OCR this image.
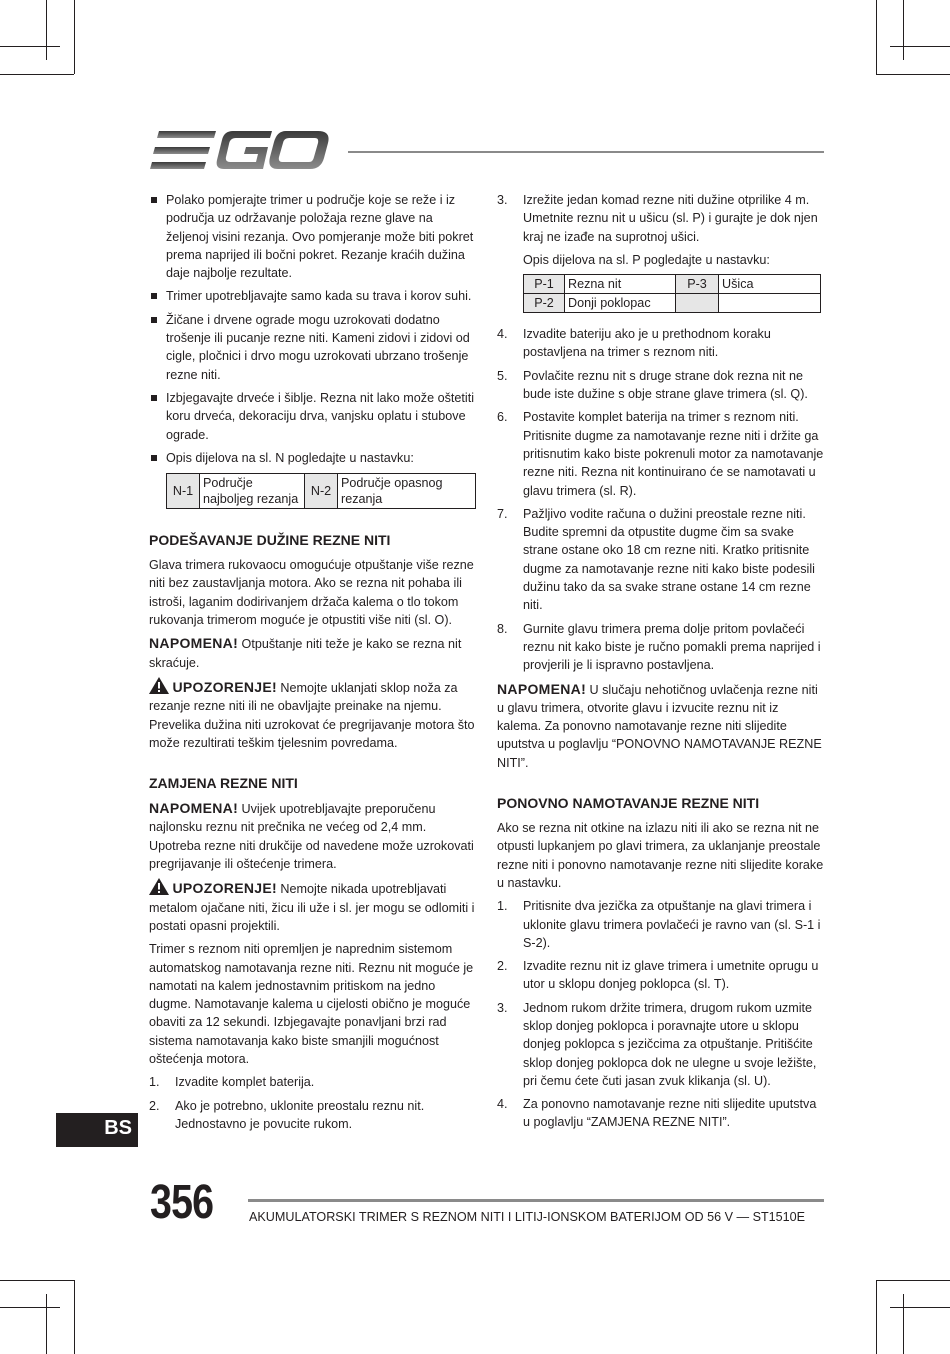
Polako pomjerajte trimer u područje koje se reže i iz područja uz održavanje položaja rezne glave na željenoj visini rezanja. Ovo pomjeranje može biti pokret prema naprijed ili bočni pokret. Rezanje kraćih dužina daje najbolje rezultate.
Trimer upotrebljavajte samo kada su trava i korov suhi.
Žičane i drvene ograde mogu uzrokovati dodatno trošenje ili pucanje rezne niti. Kameni zidovi i zidovi od cigle, pločnici i drvo mogu uzrokovati ubrzano trošenje rezne niti.
Izbjegavajte drveće i šiblje. Rezna nit lako može oštetiti koru drveća, dekoraciju drva, vanjsku oplatu i stubove ograde.
Opis dijelova na sl. N pogledajte u nastavku:
N-1	Područje najboljeg rezanja	N-2	Područje opasnog rezanja
PODEŠAVANJE DUŽINE REZNE NITI

Glava trimera rukovaocu omogućuje otpuštanje više rezne niti bez zaustavljanja motora. Ako se rezna nit pohaba ili istroši, laganim dodirivanjem držača kalema o tlo tokom rukovanja trimerom moguće je otpustiti više niti (sl. O).

NAPOMENA! Otpuštanje niti teže je kako se rezna nit skraćuje.

UPOZORENJE! Nemojte uklanjati sklop noža za rezanje rezne niti ili ne obavljajte preinake na njemu. Prevelika dužina niti uzrokovat će pregrijavanje motora što može rezultirati teškim tjelesnim povredama.

ZAMJENA REZNE NITI

NAPOMENA! Uvijek upotrebljavajte preporučenu najlonsku reznu nit prečnika ne većeg od 2,4 mm. Upotreba rezne niti drukčije od navedene može uzrokovati pregrijavanje ili oštećenje trimera.

UPOZORENJE! Nemojte nikada upotrebljavati metalom ojačane niti, žicu ili uže i sl. jer mogu se odlomiti i postati opasni projektili.

Trimer s reznom niti opremljen je naprednim sistemom automatskog namotavanja rezne niti. Reznu nit moguće je namotati na kalem jednostavnim pritiskom na jedno dugme. Namotavanje kalema u cijelosti obično je moguće obaviti za 12 sekundi. Izbjegavajte ponavljani brzi rad sistema namotavanja kako biste smanjili mogućnost oštećenja motora.

1. Izvadite komplet baterija.
2. Ako je potrebno, uklonite preostalu reznu nit. Jednostavno je povucite rukom.
3. Izrežite jedan komad rezne niti dužine otprilike 4 m. Umetnite reznu nit u ušicu (sl. P) i gurajte je dok njen kraj ne izađe na suprotnoj ušici.

Opis dijelova na sl. P pogledajte u nastavku:

P-1	Rezna nit	P-3	Ušica
P-2	Donji poklopac		
4. Izvadite bateriju ako je u prethodnom koraku postavljena na trimer s reznom niti.
5. Povlačite reznu nit s druge strane dok rezna nit ne bude iste dužine s obje strane glave trimera (sl. Q).
6. Postavite komplet baterija na trimer s reznom niti. Pritisnite dugme za namotavanje rezne niti i držite ga pritisnutim kako biste pokrenuli motor za namotavanje rezne niti. Rezna nit kontinuirano će se namotavati u glavu trimera (sl. R).
7. Pažljivo vodite računa o dužini preostale rezne niti. Budite spremni da otpustite dugme čim sa svake strane ostane oko 18 cm rezne niti. Kratko pritisnite dugme za namotavanje rezne niti kako biste podesili dužinu tako da sa svake strane ostane 14 cm rezne niti.
8. Gurnite glavu trimera prema dolje pritom povlačeći reznu nit kako biste je ručno pomakli prema naprijed i provjerili je li ispravno postavljena.

NAPOMENA! U slučaju nehotičnog uvlačenja rezne niti u glavu trimera, otvorite glavu i izvucite reznu nit iz kalema. Za ponovno namotavanje rezne niti slijedite uputstva u poglavlju “PONOVNO NAMOTAVANJE REZNE NITI”.

PONOVNO NAMOTAVANJE REZNE NITI

Ako se rezna nit otkine na izlazu niti ili ako se rezna nit ne otpusti lupkanjem po glavi trimera, za uklanjanje preostale rezne niti i ponovno namotavanje rezne niti slijedite korake u nastavku.

1. Pritisnite dva jezička za otpuštanje na glavi trimera i uklonite glavu trimera povlačeći je ravno van (sl. S-1 i S-2).
2. Izvadite reznu nit iz glave trimera i umetnite oprugu u utor u sklopu donjeg poklopca (sl. T).
3. Jednom rukom držite trimera, drugom rukom uzmite sklop donjeg poklopca i poravnajte utore u sklopu donjeg poklopca s jezičcima za otpuštanje. Pritišćite sklop donjeg poklopca dok ne ulegne u svoje ležište, pri čemu ćete čuti jasan zvuk klikanja (sl. U).
4. Za ponovno namotavanje rezne niti slijedite uputstva u poglavlju “ZAMJENA REZNE NITI”.
BS
356	AKUMULATORSKI TRIMER S REZNOM NITI I LITIJ-IONSKOM BATERIJOM OD 56 V — ST1510E
